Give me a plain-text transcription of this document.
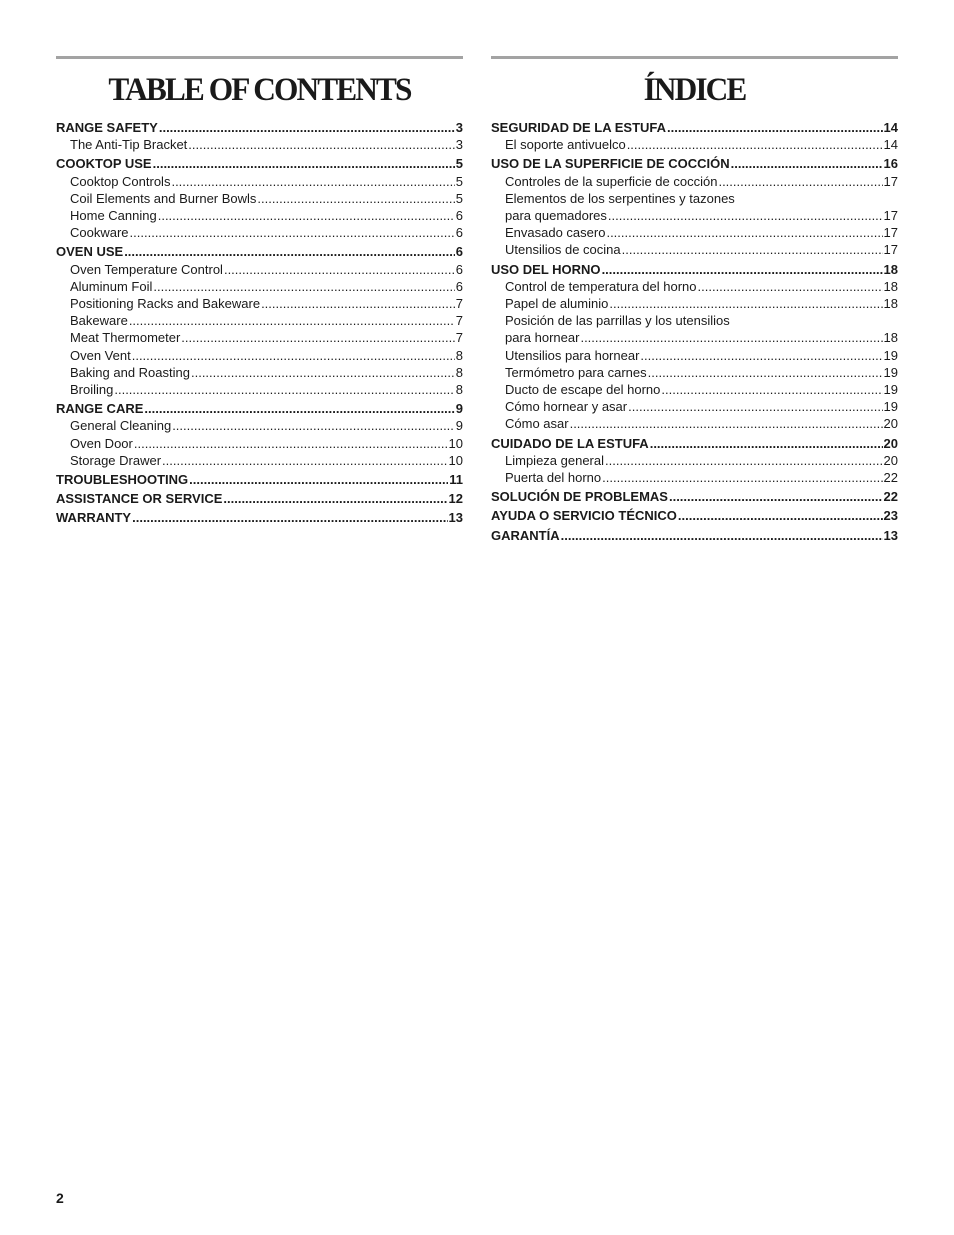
TABLE OF CONTENTS
RANGE SAFETY .....	3
The Anti-Tip Bracket .....	3
COOKTOP USE .....	5
Cooktop Controls .....	5
Coil Elements and Burner Bowls .....	5
Home Canning .....	6
Cookware .....	6
OVEN USE .....	6
Oven Temperature Control .....	6
Aluminum Foil .....	6
Positioning Racks and Bakeware .....	7
Bakeware .....	7
Meat Thermometer .....	7
Oven Vent .....	8
Baking and Roasting .....	8
Broiling .....	8
RANGE CARE .....	9
General Cleaning .....	9
Oven Door .....	10
Storage Drawer .....	10
TROUBLESHOOTING .....	11
ASSISTANCE OR SERVICE .....	12
WARRANTY .....	13
ÍNDICE
SEGURIDAD DE LA ESTUFA .....	14
El soporte antivuelco .....	14
USO DE LA SUPERFICIE DE COCCIÓN .....	16
Controles de la superficie de cocción .....	17
Elementos de los serpentines y tazones
para quemadores .....	17
Envasado casero .....	17
Utensilios de cocina .....	17
USO DEL HORNO .....	18
Control de temperatura del horno .....	18
Papel de aluminio .....	18
Posición de las parrillas y los utensilios
para hornear .....	18
Utensilios para hornear .....	19
Termómetro para carnes .....	19
Ducto de escape del horno .....	19
Cómo hornear y asar .....	19
Cómo asar .....	20
CUIDADO DE LA ESTUFA .....	20
Limpieza general .....	20
Puerta del horno .....	22
SOLUCIÓN DE PROBLEMAS .....	22
AYUDA O SERVICIO TÉCNICO .....	23
GARANTÍA .....	13
2
